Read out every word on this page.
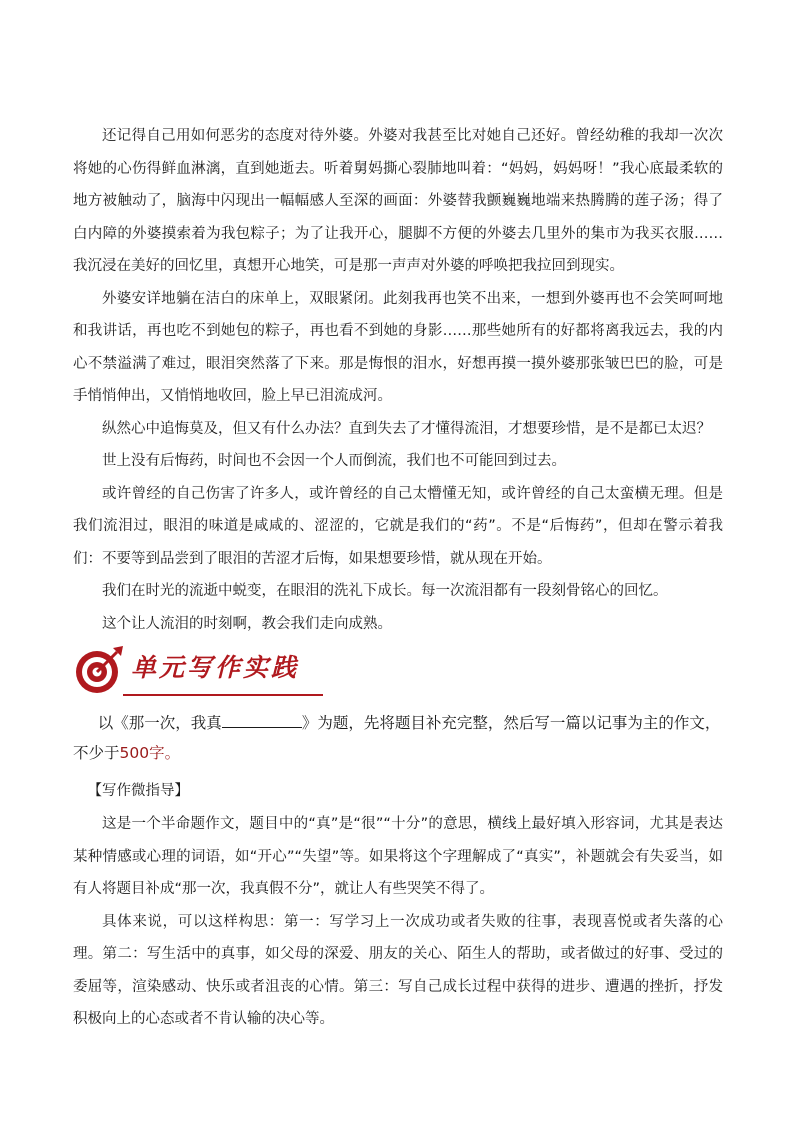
还记得自己用如何恶劣的态度对待外婆。外婆对我甚至比对她自己还好。曾经幼稚的我却一次次将她的心伤得鲜血淋漓，直到她逝去。听着舅妈撕心裂肺地叫着：“妈妈，妈妈呀！”我心底最柔软的地方被触动了，脑海中闪现出一幅幅感人至深的画面：外婆替我颤巍巍地端来热腾腾的莲子汤；得了白内障的外婆摸索着为我包粽子；为了让我开心，腿脚不方便的外婆去几里外的集市为我买衣服……我沉浸在美好的回忆里，真想开心地笑，可是那一声声对外婆的呼唤把我拉回到现实。

外婆安详地躺在洁白的床单上，双眼紧闭。此刻我再也笑不出来，一想到外婆再也不会笑呵呵地和我讲话，再也吃不到她包的粽子，再也看不到她的身影……那些她所有的好都将离我远去，我的内心不禁溢满了难过，眼泪突然落了下来。那是悔恨的泪水，好想再摸一摸外婆那张皱巴巴的脸，可是手悄悄伸出，又悄悄地收回，脸上早已泪流成河。

纵然心中追悔莫及，但又有什么办法？直到失去了才懂得流泪，才想要珍惜，是不是都已太迟？

世上没有后悔药，时间也不会因一个人而倒流，我们也不可能回到过去。

或许曾经的自己伤害了许多人，或许曾经的自己太懵懂无知，或许曾经的自己太蛮横无理。但是我们流泪过，眼泪的味道是咸咸的、涩涩的，它就是我们的“药”。不是“后悔药”，但却在警示着我们：不要等到品尝到了眼泪的苦涩才后悔，如果想要珍惜，就从现在开始。

我们在时光的流逝中蜕变，在眼泪的洗礼下成长。每一次流泪都有一段刻骨铭心的回忆。

这个让人流泪的时刻啊，教会我们走向成熟。

单元写作实践

以《那一次，我真	》为题，先将题目补充完整，然后写一篇以记事为主的作文，不少于500字。

【写作微指导】

这是一个半命题作文，题目中的“真”是“很”“十分”的意思，横线上最好填入形容词，尤其是表达某种情感或心理的词语，如“开心”“失望”等。如果将这个字理解成了“真实”，补题就会有失妥当，如有人将题目补成“那一次，我真假不分”，就让人有些哭笑不得了。

具体来说，可以这样构思：第一：写学习上一次成功或者失败的往事，表现喜悦或者失落的心理。第二：写生活中的真事，如父母的深爱、朋友的关心、陌生人的帮助，或者做过的好事、受过的委屈等，渲染感动、快乐或者沮丧的心情。第三：写自己成长过程中获得的进步、遭遇的挫折，抒发积极向上的心态或者不肯认输的决心等。
